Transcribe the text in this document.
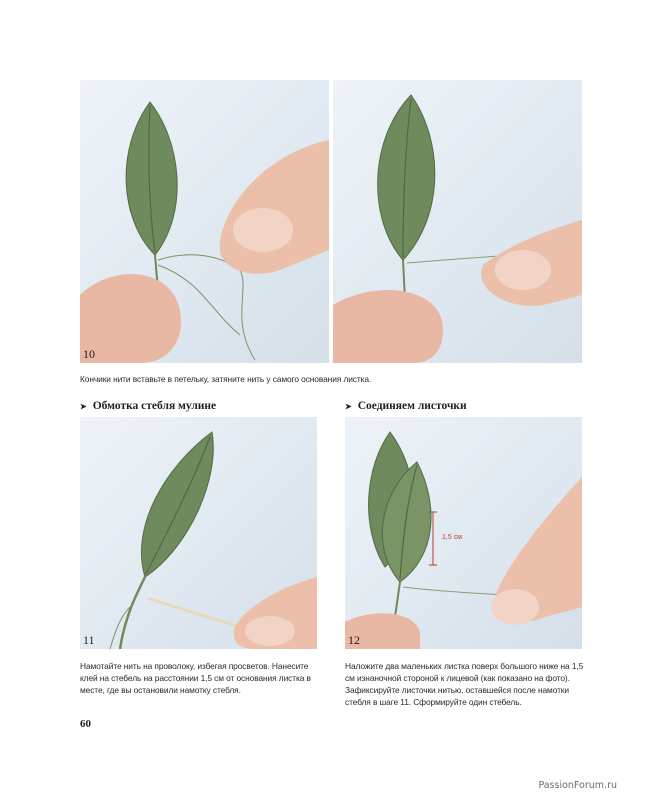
10
Кончики нити вставьте в петельку, затяните нить у самого основания листка.
➤ Обмотка стебля мулине	➤ Соединяем листочки
11
1,5 см
12
Намотайте нить на проволоку, избегая просветов. Нанесите клей на стебель на расстоянии 1,5 см от основания листка в месте, где вы остановили намотку стебля.
Наложите два маленьких листка поверх большого ниже на 1,5 см изнаночной стороной к лицевой (как показано на фото). Зафиксируйте листочки нитью, оставшейся после намотки стебля в шаге 11. Сформируйте один стебель.
60
PassionForum.ru
